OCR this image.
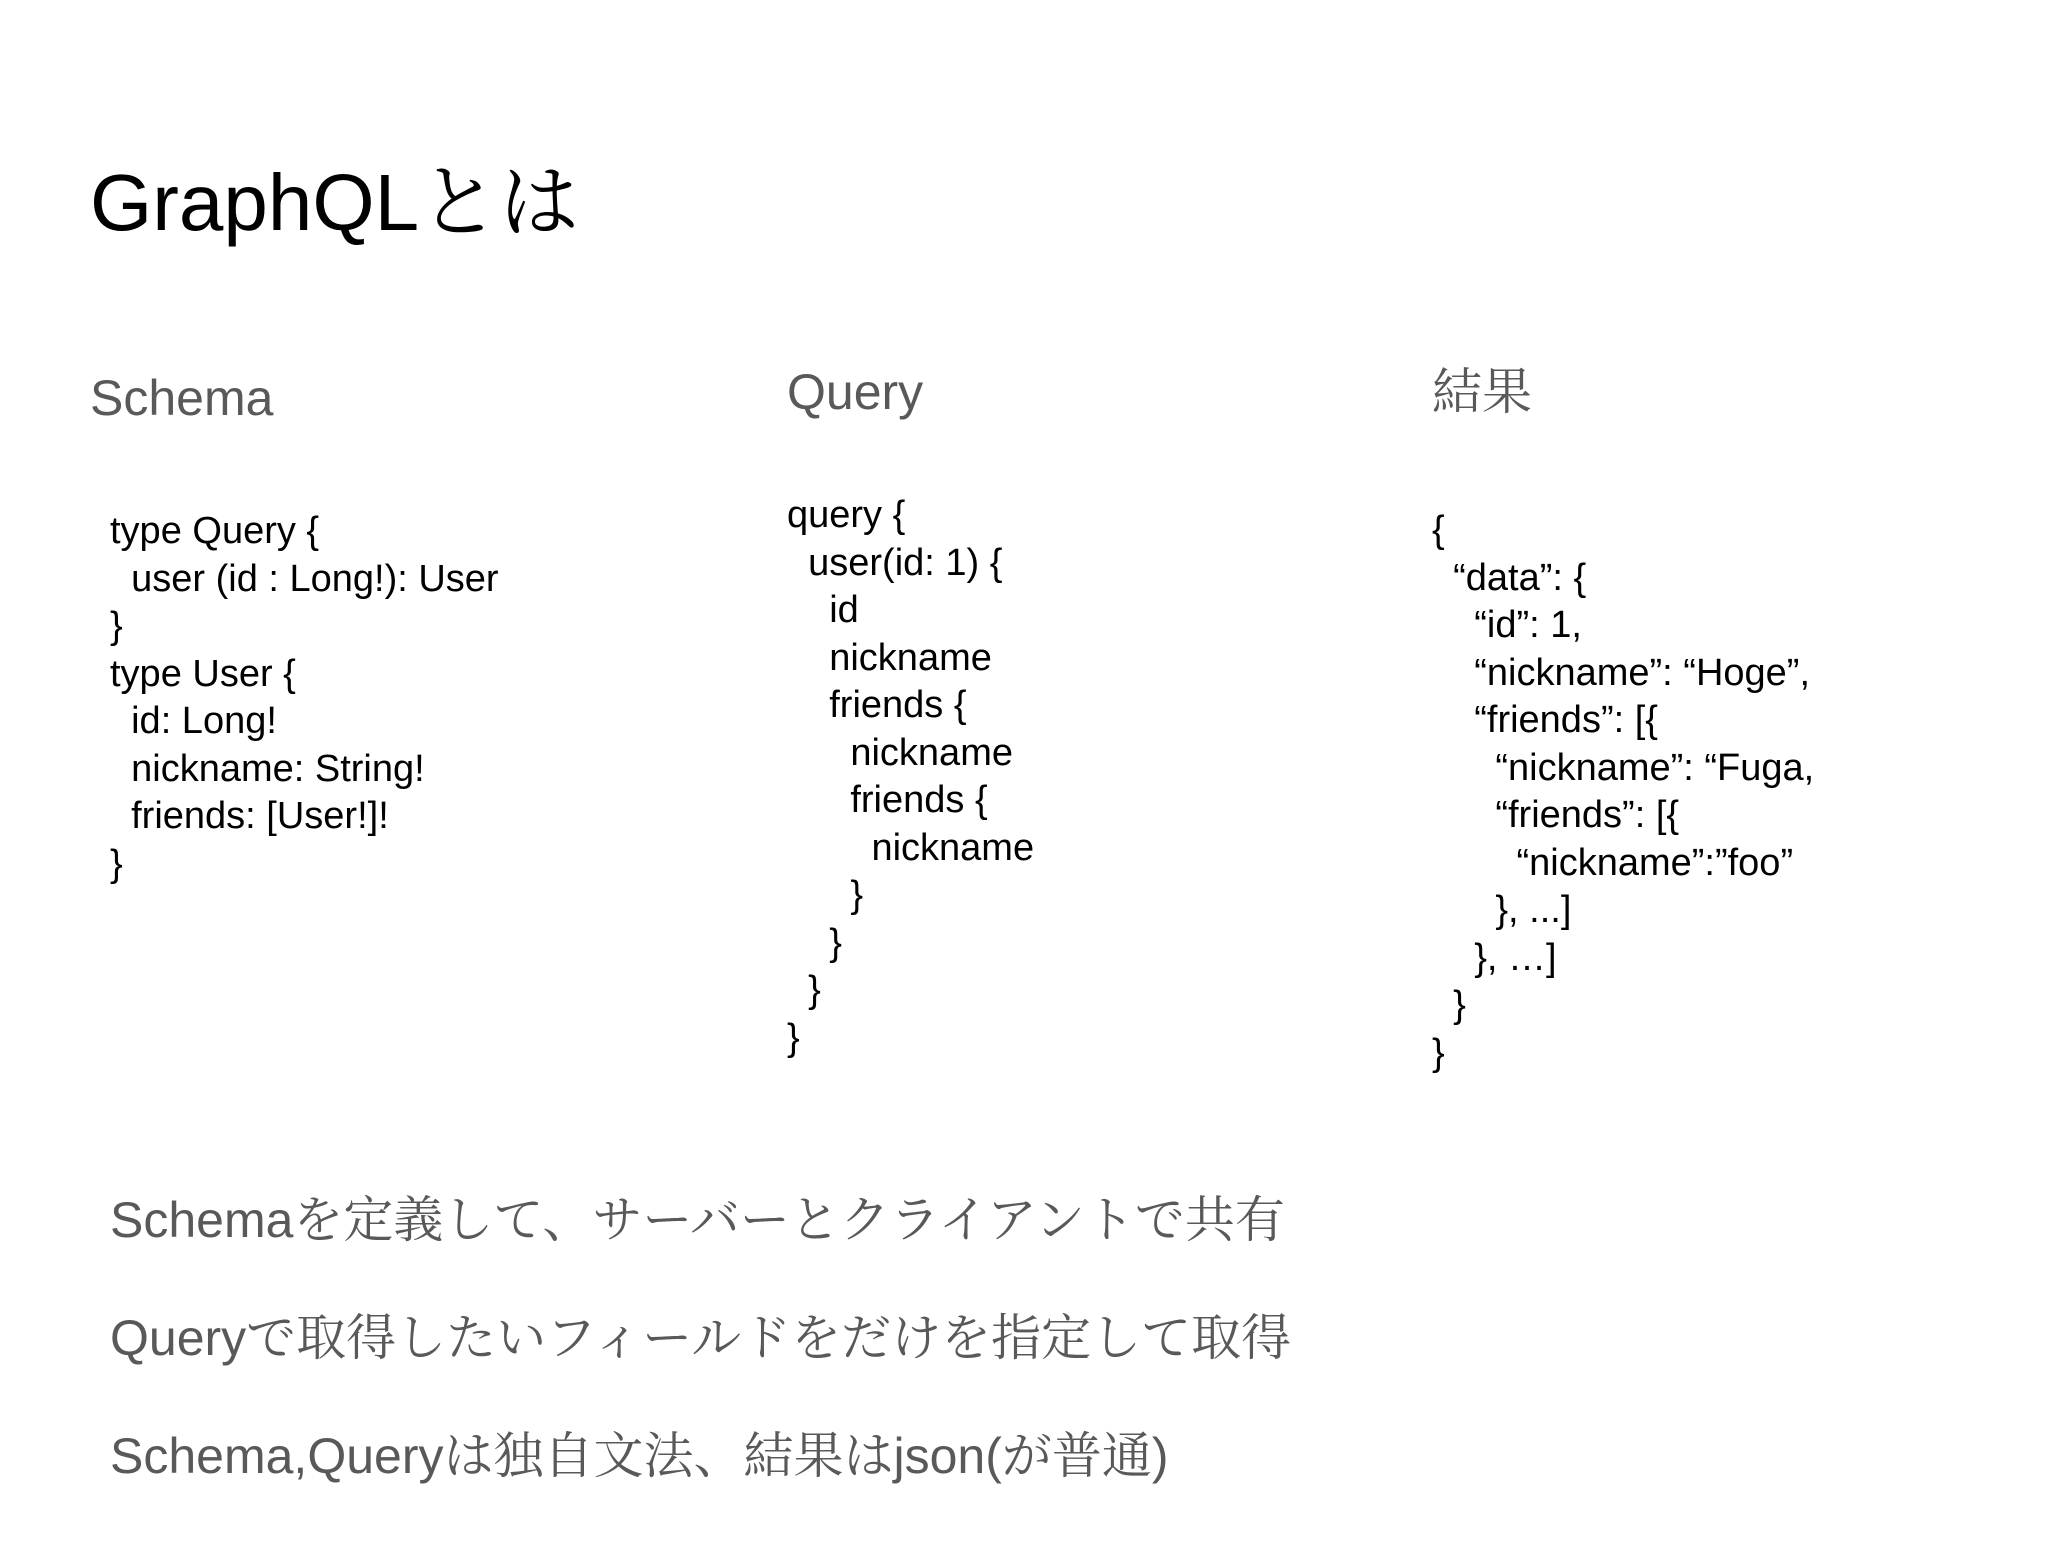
GraphQLとは
Schema	Query	結果
type Query {
user (id : Long!): User
}
type User {
id: Long!
nickname: String!
friends: [User!]!
}
query {
user(id: 1) {
id
nickname
friends {
nickname
friends {
nickname
}
}
}
}
{
“data”: {
“id”: 1,
“nickname”: “Hoge”,
“friends”: [{
“nickname”: “Fuga,
“friends”: [{
“nickname”:”foo”
}, ...]
}, …]
}
}
Schemaを定義して、サーバーとクライアントで共有
Queryで取得したいフィールドをだけを指定して取得
Schema,Queryは独自文法、結果はjson(が普通)
